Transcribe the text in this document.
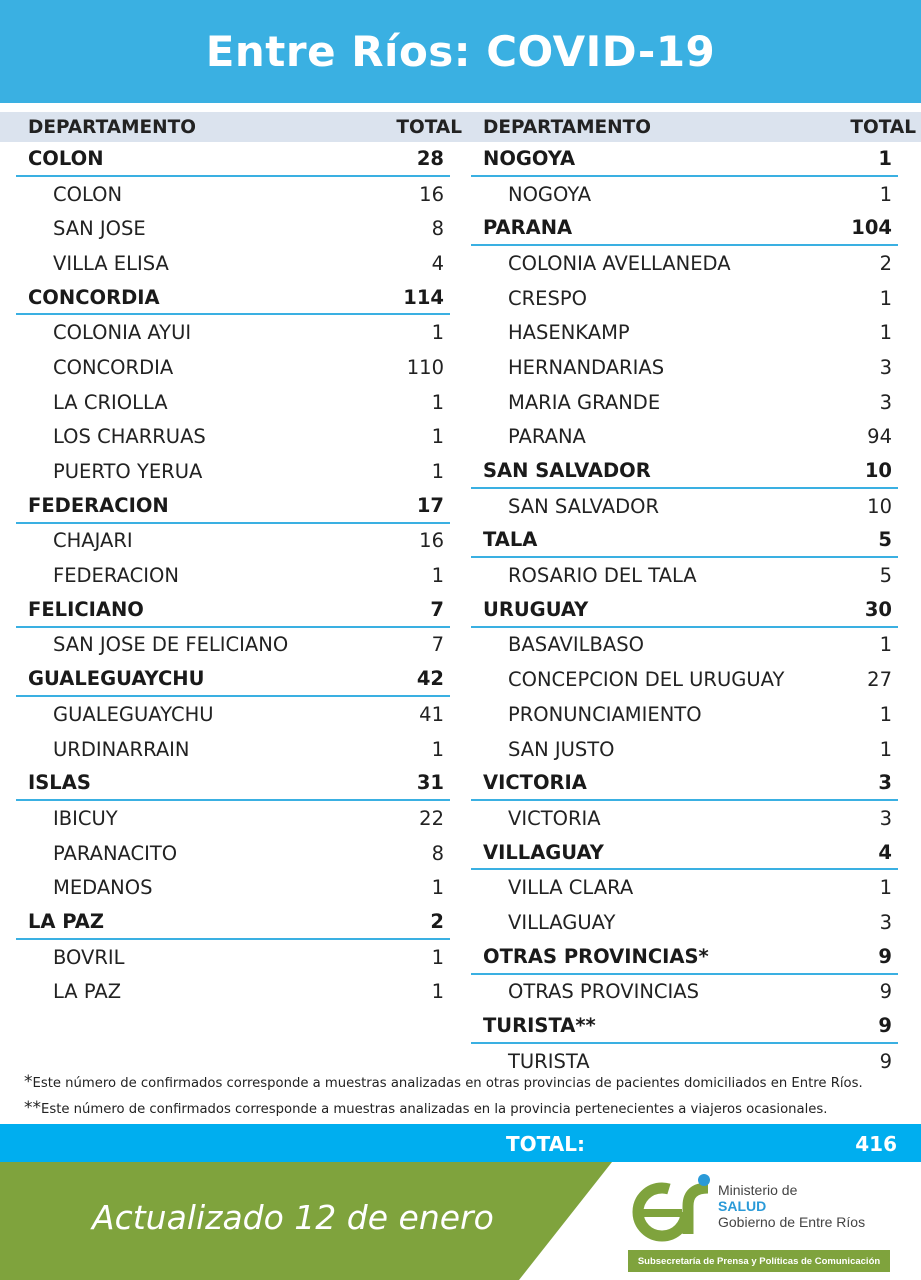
Entre Ríos: COVID-19
DEPARTAMENTO	TOTAL
COLON	28
COLON	16
SAN JOSE	8
VILLA ELISA	4
CONCORDIA	114
COLONIA AYUI	1
CONCORDIA	110
LA CRIOLLA	1
LOS CHARRUAS	1
PUERTO YERUA	1
FEDERACION	17
CHAJARI	16
FEDERACION	1
FELICIANO	7
SAN JOSE DE FELICIANO	7
GUALEGUAYCHU	42
GUALEGUAYCHU	41
URDINARRAIN	1
ISLAS	31
IBICUY	22
PARANACITO	8
MEDANOS	1
LA PAZ	2
BOVRIL	1
LA PAZ	1
DEPARTAMENTO	TOTAL
NOGOYA	1
NOGOYA	1
PARANA	104
COLONIA AVELLANEDA	2
CRESPO	1
HASENKAMP	1
HERNANDARIAS	3
MARIA GRANDE	3
PARANA	94
SAN SALVADOR	10
SAN SALVADOR	10
TALA	5
ROSARIO DEL TALA	5
URUGUAY	30
BASAVILBASO	1
CONCEPCION DEL URUGUAY	27
PRONUNCIAMIENTO	1
SAN JUSTO	1
VICTORIA	3
VICTORIA	3
VILLAGUAY	4
VILLA CLARA	1
VILLAGUAY	3
OTRAS PROVINCIAS*	9
OTRAS PROVINCIAS	9
TURISTA**	9
TURISTA	9
*Este número de confirmados corresponde a muestras analizadas en otras provincias de pacientes domiciliados en Entre Ríos.
**Este número de confirmados corresponde a muestras analizadas en la provincia pertenecientes a viajeros ocasionales.
TOTAL:	416
Actualizado 12 de enero
Ministerio de
SALUD
Gobierno de Entre Ríos
Subsecretaría de Prensa y Políticas de Comunicación
